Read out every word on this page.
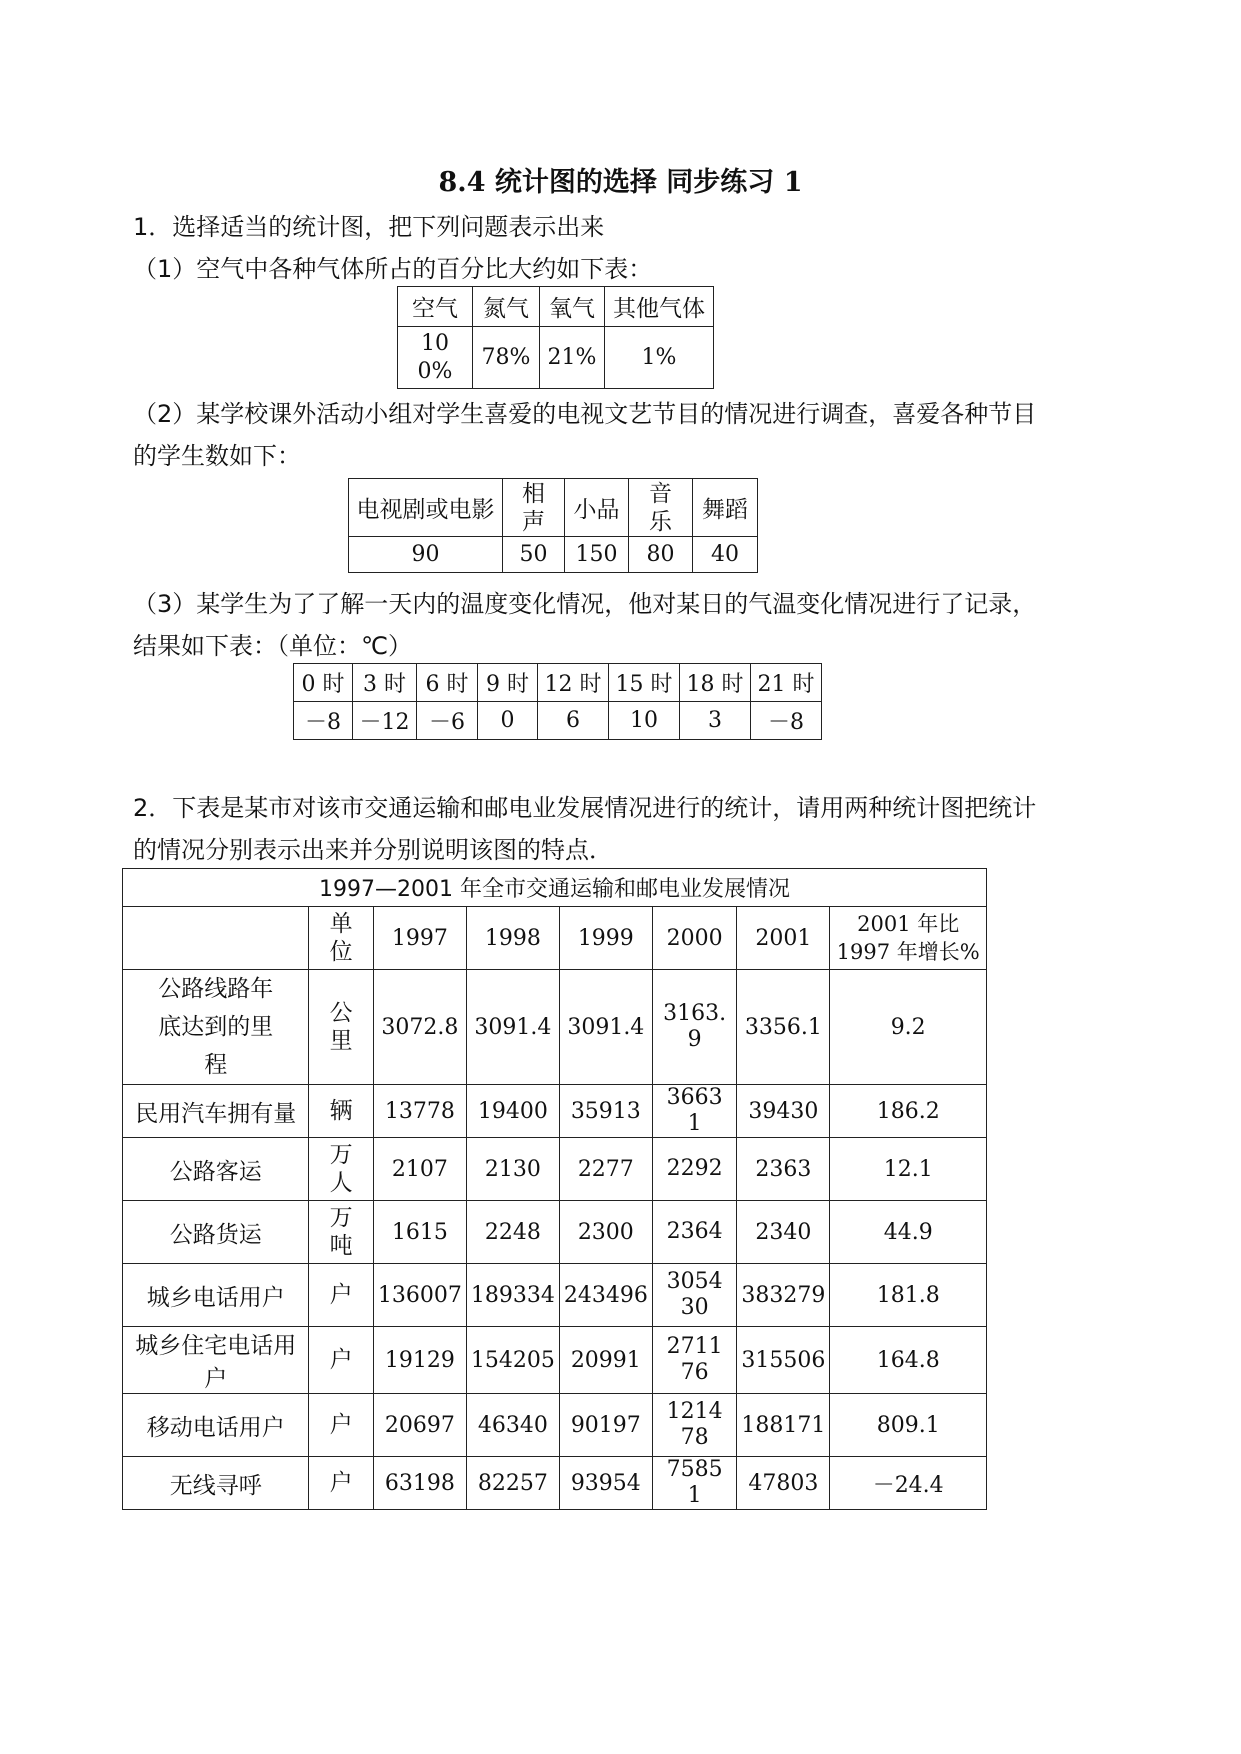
8.4 统计图的选择 同步练习 1
1．选择适当的统计图，把下列问题表示出来
（1）空气中各种气体所占的百分比大约如下表：
空气	氮气	氧气	其他气体
100%	78%	21%	1%
（2）某学校课外活动小组对学生喜爱的电视文艺节目的情况进行调查，喜爱各种节目
的学生数如下：
电视剧或电影	相声	小品	音乐	舞蹈
90	50	150	80	40
（3）某学生为了了解一天内的温度变化情况，他对某日的气温变化情况进行了记录，
结果如下表：（单位：℃）
0 时	3 时	6 时	9 时	12 时	15 时	18 时	21 时
－8	－12	－6	0	6	10	3	－8
2．下表是某市对该市交通运输和邮电业发展情况进行的统计，请用两种统计图把统计
的情况分别表示出来并分别说明该图的特点．
1997—2001 年全市交通运输和邮电业发展情况							
	单位	1997	1998	1999	2000	2001	2001 年比 1997 年增长%
公路线路年底达到的里程	公里	3072.8	3091.4	3091.4	3163.9	3356.1	9.2
民用汽车拥有量	辆	13778	19400	35913	36631	39430	186.2
公路客运	万人	2107	2130	2277	2292	2363	12.1
公路货运	万吨	1615	2248	2300	2364	2340	44.9
城乡电话用户	户	136007	189334	243496	305430	383279	181.8
城乡住宅电话用户	户	19129	154205	20991	271176	315506	164.8
移动电话用户	户	20697	46340	90197	121478	188171	809.1
无线寻呼	户	63198	82257	93954	75851	47803	－24.4
